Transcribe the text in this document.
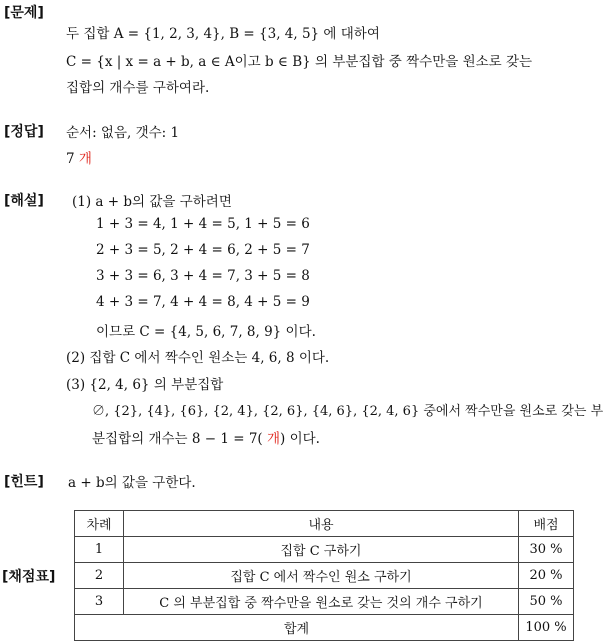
[문제]
두 집합 A = {1, 2, 3, 4}, B = {3, 4, 5} 에 대하여
C = {x | x = a + b, a ∈ A이고 b ∈ B} 의 부분집합 중 짝수만을 원소로 갖는
집합의 개수를 구하여라.
[정답] 순서: 없음, 갯수: 1
7 개
[해설] (1) a + b의 값을 구하려면
1 + 3 = 4, 1 + 4 = 5, 1 + 5 = 6
2 + 3 = 5, 2 + 4 = 6, 2 + 5 = 7
3 + 3 = 6, 3 + 4 = 7, 3 + 5 = 8
4 + 3 = 7, 4 + 4 = 8, 4 + 5 = 9
이므로 C = {4, 5, 6, 7, 8, 9} 이다.
(2) 집합 C 에서 짝수인 원소는 4, 6, 8 이다.
(3) {2, 4, 6} 의 부분집합
∅, {2}, {4}, {6}, {2, 4}, {2, 6}, {4, 6}, {2, 4, 6} 중에서 짝수만을 원소로 갖는 부
분집합의 개수는 8 − 1 = 7( 개) 이다.
[힌트] a + b의 값을 구한다.
[채점표]
차례	내용	배점
1	집합 C 구하기	30 %
2	집합 C 에서 짝수인 원소 구하기	20 %
3	C 의 부분집합 중 짝수만을 원소로 갖는 것의 개수 구하기	50 %
합계		100 %
